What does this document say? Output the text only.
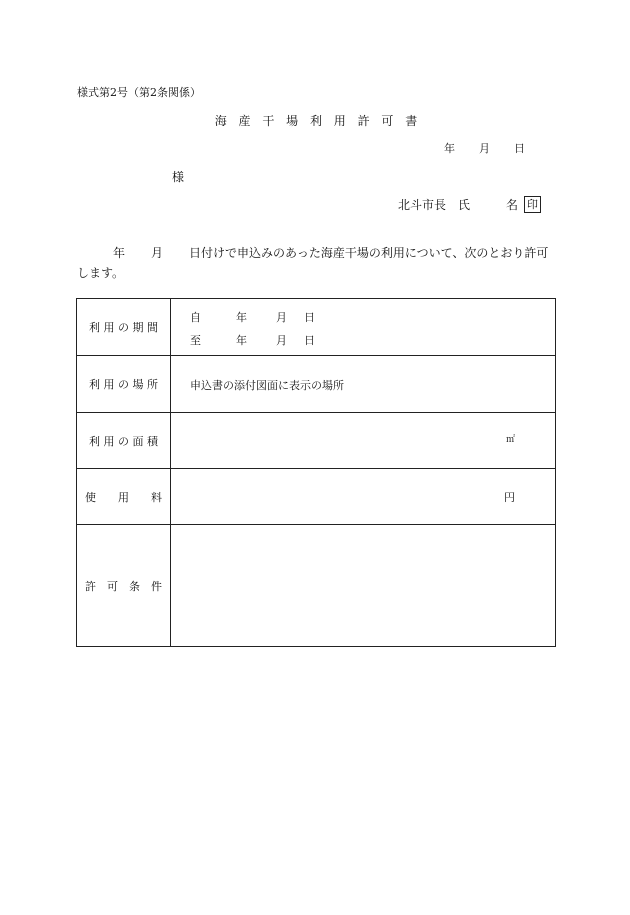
様式第2号（第2条関係）
海 産 干 場 利 用 許 可 書
年 月 日
様
北斗市長　氏	名 印
年 月 日付けで申込みのあった海産干場の利用について、次のとおり許可します。
利 用 の 期 間
自	年	月 日
至	年	月 日
利 用 の 場 所	申込書の添付図面に表示の場所
利 用 の 面 積	㎡
使　　用　　料	円
許　可　条　件
